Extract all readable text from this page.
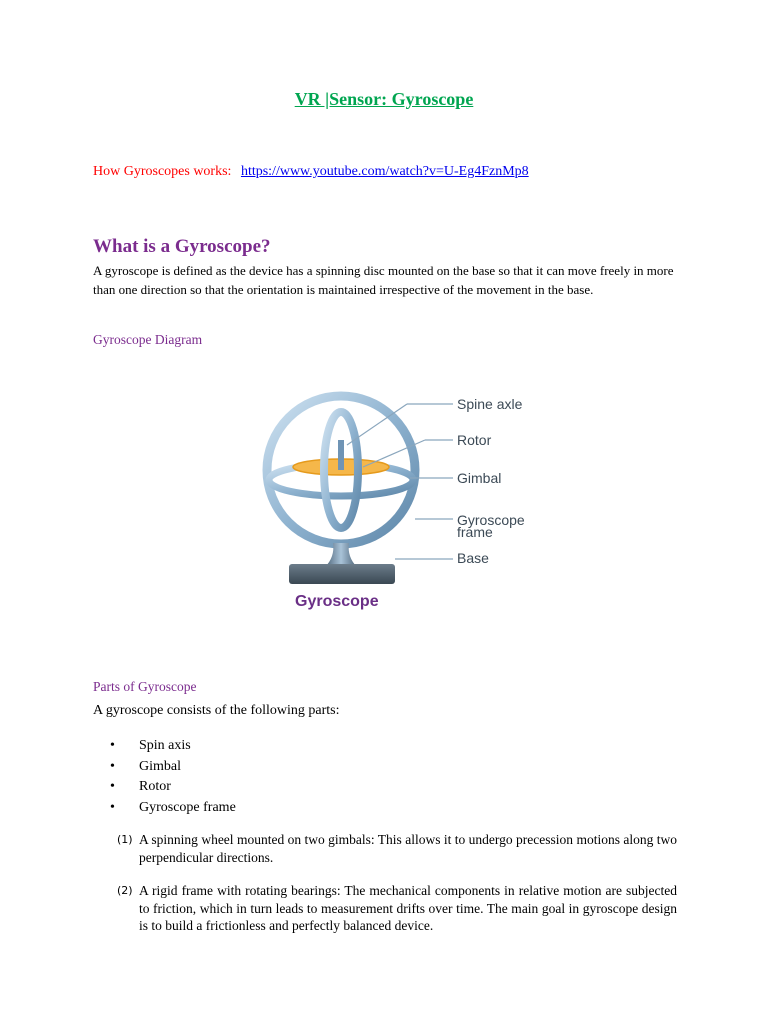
VR |Sensor: Gyroscope
How Gyroscopes works: https://www.youtube.com/watch?v=U-Eg4FznMp8
What is a Gyroscope?
A gyroscope is defined as the device has a spinning disc mounted on the base so that it can move freely in more than one direction so that the orientation is maintained irrespective of the movement in the base.
Gyroscope Diagram
Spine axle
Rotor
Gimbal
Gyroscope
frame
Base
Gyroscope
Parts of Gyroscope
A gyroscope consists of the following parts:
• Spin axis
• Gimbal
• Rotor
• Gyroscope frame
(1) A spinning wheel mounted on two gimbals: This allows it to undergo precession motions along two perpendicular directions.
(2) A rigid frame with rotating bearings: The mechanical components in relative motion are subjected to friction, which in turn leads to measurement drifts over time. The main goal in gyroscope design is to build a frictionless and perfectly balanced device.
